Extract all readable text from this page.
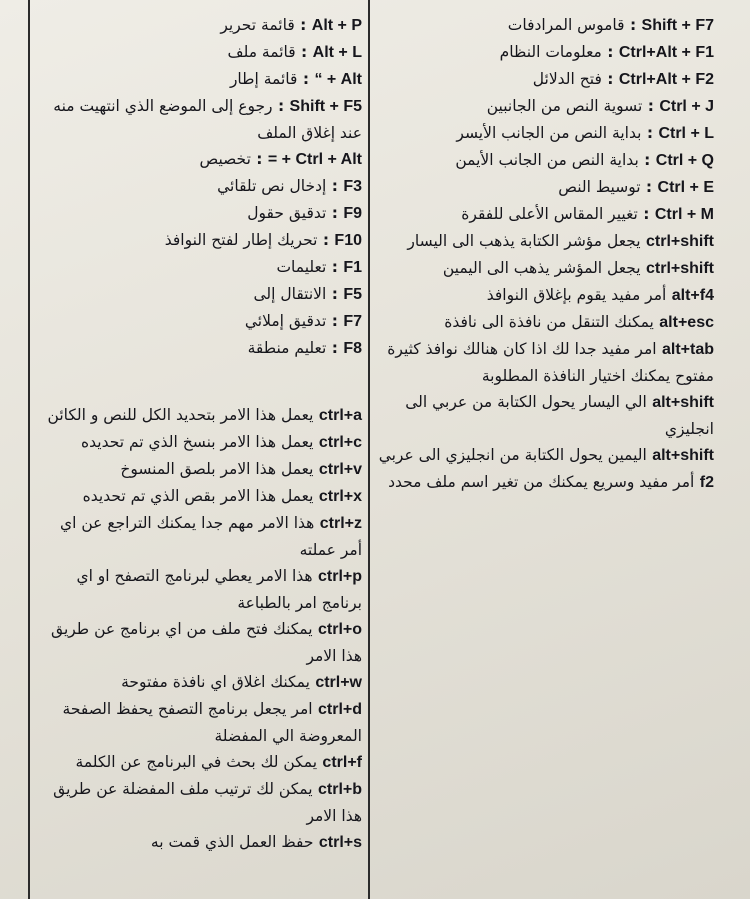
Shift + F7 : قاموس المرادفات

Ctrl+Alt + F1 : معلومات النظام

Ctrl+Alt + F2 : فتح الدلائل

Ctrl + J : تسوية النص من الجانبين

Ctrl + L : بداية النص من الجانب الأيسر

Ctrl + Q : بداية النص من الجانب الأيمن

Ctrl + E : توسيط النص

Ctrl + M : تغيير المقاس الأعلى للفقرة

ctrl+shift يجعل مؤشر الكتابة يذهب الى اليسار

ctrl+shift يجعل المؤشر يذهب الى اليمين

alt+f4 أمر مفيد يقوم بإغلاق النوافذ

alt+esc يمكنك التنقل من نافذة الى نافذة

alt+tab امر مفيد جدا لك اذا كان هنالك نوافذ كثيرة مفتوح يمكنك اختيار النافذة المطلوبة

alt+shift الي اليسار يحول الكتابة من عربي الى انجليزي

alt+shift اليمين يحول الكتابة من انجليزي الى عربي

f2 أمر مفيد وسريع يمكنك من تغير اسم ملف محدد

Alt + P : قائمة تحرير

Alt + L : قائمة ملف

Alt + “ : قائمة إطار

Shift + F5 : رجوع إلى الموضع الذي انتهيت منه عند إغلاق الملف

Ctrl + Alt + = : تخصيص

F3 : إدخال نص تلقائي

F9 : تدقيق حقول

F10 : تحريك إطار لفتح النوافذ

F1 : تعليمات

F5 : الانتقال إلى

F7 : تدقيق إملائي

F8 : تعليم منطقة

ctrl+a يعمل هذا الامر بتحديد الكل للنص و الكائن

ctrl+c يعمل هذا الامر بنسخ الذي تم تحديده

ctrl+v يعمل هذا الامر بلصق المنسوخ

ctrl+x يعمل هذا الامر بقص الذي تم تحديده

ctrl+z هذا الامر مهم جدا يمكنك التراجع عن اي أمر عملته

ctrl+p هذا الامر يعطي لبرنامج التصفح او اي برنامج امر بالطباعة

ctrl+o يمكنك فتح ملف من اي برنامج عن طريق هذا الامر

ctrl+w يمكنك اغلاق اي نافذة مفتوحة

ctrl+d امر يجعل برنامج التصفح يحفظ الصفحة المعروضة الي المفضلة

ctrl+f يمكن لك بحث في البرنامج عن الكلمة

ctrl+b يمكن لك ترتيب ملف المفضلة عن طريق هذا الامر

ctrl+s حفظ العمل الذي قمت به
